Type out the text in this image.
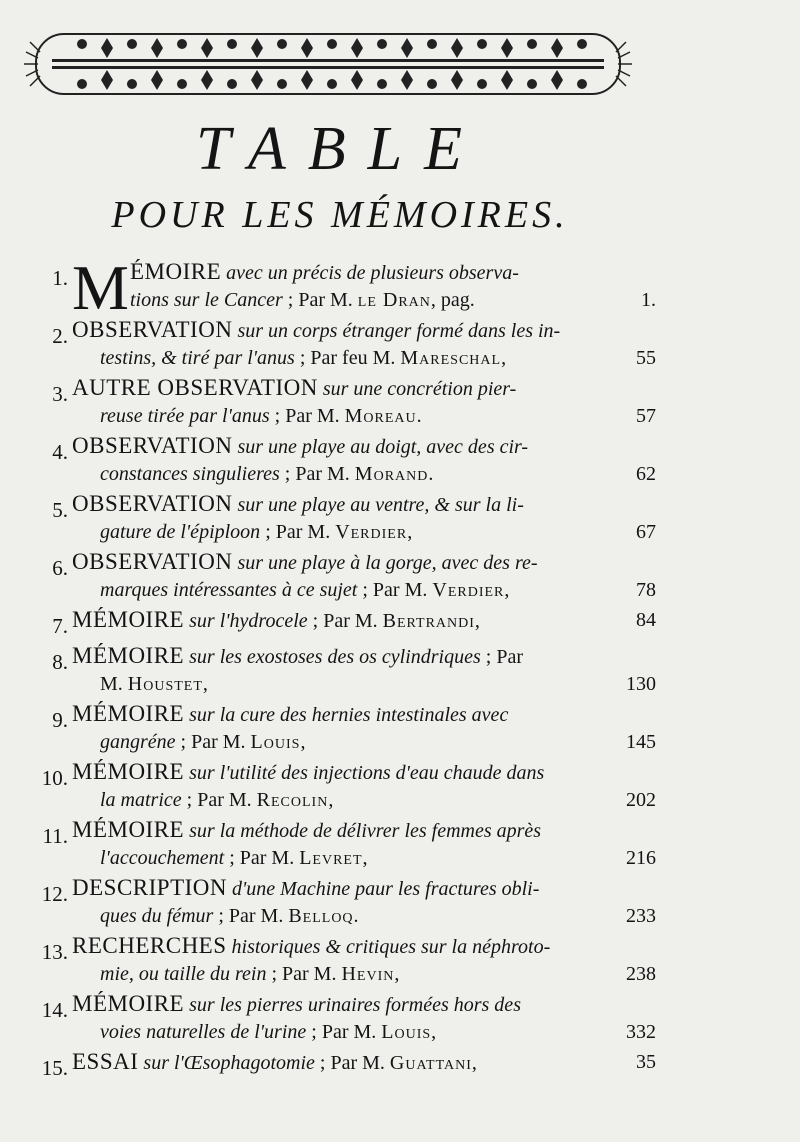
TABLE
POUR LES MÉMOIRES.
1. M ÉMOIRE avec un précis de plusieurs observa-
tions sur le Cancer ; Par M. le Dran, pag.	1.
2. OBSERVATION sur un corps étranger formé dans les in-
testins, & tiré par l'anus ; Par feu M. Mareschal,	55
3. AUTRE OBSERVATION sur une concrétion pier-
reuse tirée par l'anus ; Par M. Moreau.	57
4. OBSERVATION sur une playe au doigt, avec des cir-
constances singulieres ; Par M. Morand.	62
5. OBSERVATION sur une playe au ventre, & sur la li-
gature de l'épiploon ; Par M. Verdier,	67
6. OBSERVATION sur une playe à la gorge, avec des re-
marques intéressantes à ce sujet ; Par M. Verdier,	78
7. MÉMOIRE sur l'hydrocele ; Par M. Bertrandi,	84
8. MÉMOIRE sur les exostoses des os cylindriques ; Par
M. Houstet,	130
9. MÉMOIRE sur la cure des hernies intestinales avec
gangréne ; Par M. Louis,	145
10. MÉMOIRE sur l'utilité des injections d'eau chaude dans
la matrice ; Par M. Recolin,	202
11. MÉMOIRE sur la méthode de délivrer les femmes après
l'accouchement ; Par M. Levret,	216
12. DESCRIPTION d'une Machine paur les fractures obli-
ques du fémur ; Par M. Belloq.	233
13. RECHERCHES historiques & critiques sur la néphroto-
mie, ou taille du rein ; Par M. Hevin,	238
14. MÉMOIRE sur les pierres urinaires formées hors des
voies naturelles de l'urine ; Par M. Louis,	332
15. ESSAI sur l'Œsophagotomie ; Par M. Guattani,	35
